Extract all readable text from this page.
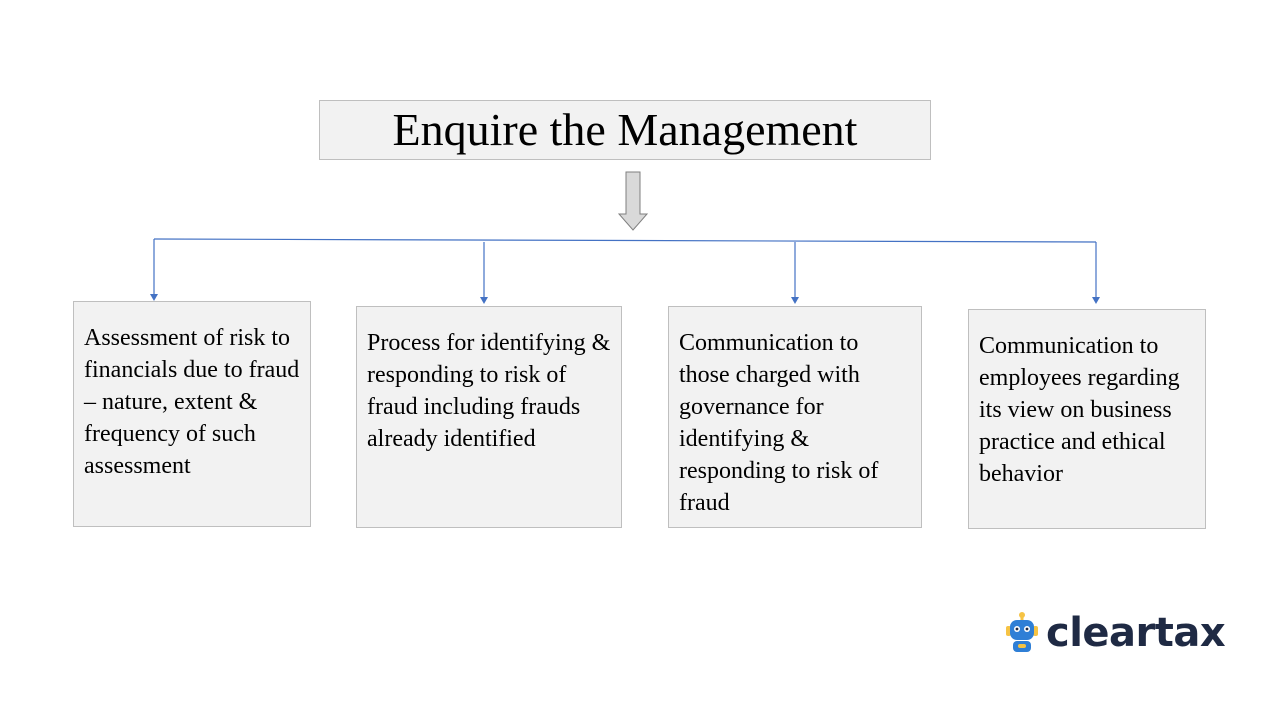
Enquire the Management
Assessment of risk to financials due to fraud – nature, extent & frequency of such assessment
Process for identifying & responding to risk of fraud including frauds already identified
Communication to those charged with governance for identifying & responding to risk of fraud
Communication to employees regarding its view on business practice and ethical behavior
cleartax
